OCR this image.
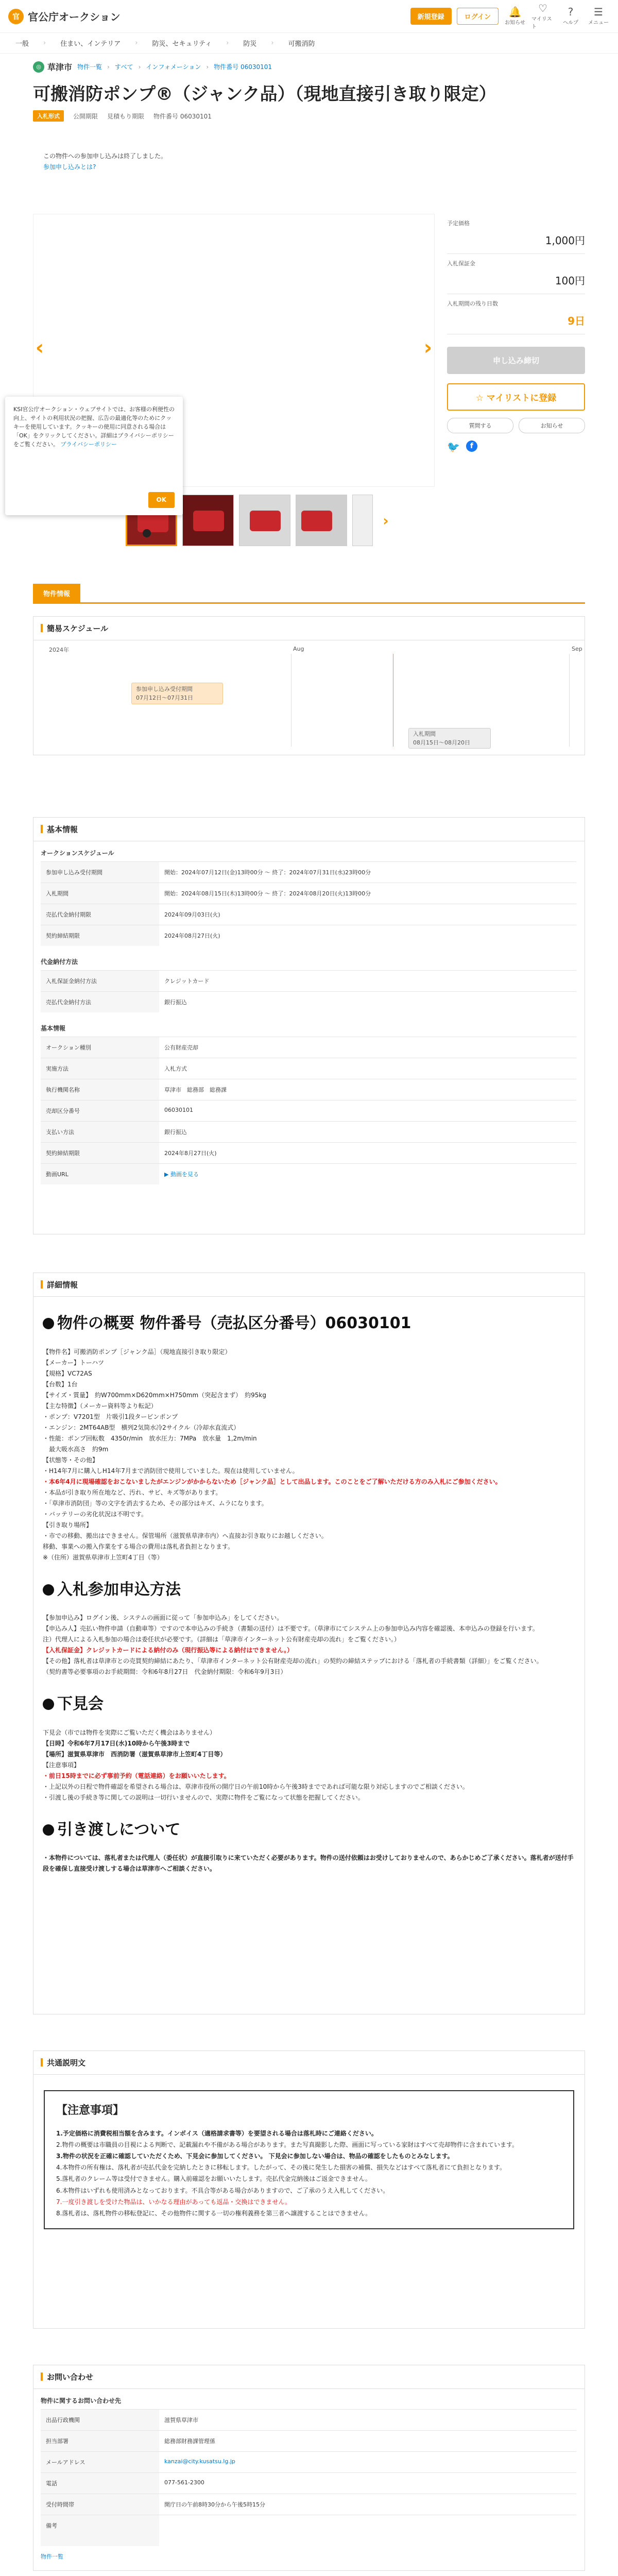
官 官公庁オークション	新規登録	ログイン	🔔
お知らせ
♡
マイリスト
?
ヘルプ
☰
メニュー
一般 › 住まい、インテリア › 防災、セキュリティ › 防災 › 可搬消防
◎ 草津市 物件一覧 › すべて › インフォメーション › 物件番号 06030101
可搬消防ポンプ®（ジャンク品）（現地直接引き取り限定）
入札形式	公開期限 見積もり期限 物件番号 06030101
この物件への参加申し込みは終了しました。
参加申し込みとは?
‹	›
›
KSI官公庁オークション・ウェブサイトでは、お客様の利便性の向上、サイトの利用状況の把握、広告の最適化等のためにクッキーを使用しています。クッキーの使用に同意される場合は「OK」をクリックしてください。詳細はプライバシーポリシーをご覧ください。 プライバシーポリシー
OK
予定価格
1,000円
入札保証金
100円
入札期間の残り日数
9日
申し込み締切
☆ マイリストに登録
質問する	お知らせ
🐦	f
物件情報
簡易スケジュール
2024年	Aug	Sep
参加申し込み受付期間
07月12日～07月31日
入札期間
08月15日～08月20日
基本情報
オークションスケジュール
参加申し込み受付期間	開始：2024年07月12日(金)13時00分 ～ 終了：2024年07月31日(水)23時00分
入札期間	開始：2024年08月15日(木)13時00分 ～ 終了：2024年08月20日(火)13時00分
売払代金納付期限	2024年09月03日(火)
契約締結期限	2024年08月27日(火)
代金納付方法
入札保証金納付方法	クレジットカード
売払代金納付方法	銀行振込
基本情報
オークション種別	公有財産売却
実施方法	入札方式
執行機関名称	草津市　総務部　総務課
売却区分番号	06030101
支払い方法	銀行振込
契約締結期限	2024年8月27日(火)
動画URL	▶ 動画を見る
詳細情報
物件の概要 物件番号（売払区分番号）06030101

【物件名】可搬消防ポンプ［ジャンク品］（現地直接引き取り限定）

【メーカー】トーハツ

【規格】VC72AS

【台数】1台

【サイズ・質量】　約W700mm×D620mm×H750mm（突起含まず）　約95kg

【主な特徴】（メーカー資料等より転記）

・ポンプ：V7201型　片吸引1段タービンポンプ

・エンジン：2MT64AB型　横列2気筒水冷2サイクル（冷却水直流式）

・性能：ポンプ回転数　4350r/min　放水圧力：7MPa　放水量　1,2m/min

　最大吸水高さ　約9m

【状態等・その他】

・H14年7月に購入しH14年7月まで消防団で使用していました。現在は使用していません。

・本6年4月に現場確認をおこないましたがエンジンがかからないため［ジャンク品］として出品します。このことをご了解いただける方のみ入札にご参加ください。

・本品が引き取り所在地など、汚れ、サビ、キズ等があります。

・「草津市消防団」等の文字を消去するため、その部分はキズ、ムラになります。

・バッテリーの劣化状況は不明です。

【引き取り場所】

・市での移動、搬出はできません。保管場所（滋賀県草津市内）へ直接お引き取りにお越しください。

移動、事業への搬入作業をする場合の費用は落札者負担となります。

※（住所）滋賀県草津市上笠町4丁目（等）

入札参加申込方法

【参加申込み】ログイン後、システムの画面に従って「参加申込み」をしてください。

【申込み人】売払い物件申請（自動車等）ですので本申込みの手続き（書類の送付）は不要です。（草津市にてシステム上の参加申込み内容を確認後、本申込みの登録を行います。

注）代理人による入札参加の場合は委任状が必要です。（詳細は「草津市インターネット公有財産売却の流れ」をご覧ください。）

【入札保証金】クレジットカードによる納付のみ（現行振込等による納付はできません。）

【その他】落札者は草津市との売買契約締結にあたり、「草津市インターネット公有財産売却の流れ」の契約の締結ステップにおける「落札者の手続書類（詳細）」をご覧ください。

（契約書等必要事項のお手続期間：令和6年8月27日　代金納付期限：令和6年9月3日）

下見会

下見会（市では物件を実際にご覧いただく機会はありません）

【日時】令和6年7月17日(水)10時から午後3時まで

【場所】滋賀県草津市　西消防署（滋賀県草津市上笠町4丁目等）

【注意事項】

・前日15時までに必ず事前予約（電話連絡）をお願いいたします。

・上記以外の日程で物件確認を希望される場合は、草津市役所の開庁日の午前10時から午後3時までであれば可能な限り対応しますのでご相談ください。

・引渡し後の手続き等に関しての説明は一切行いませんので、実際に物件をご覧になって状態を把握してください。

引き渡しについて

・本物件については、落札者または代理人（委任状）が直接引取りに来ていただく必要があります。物件の送付依頼はお受けしておりませんので、あらかじめご了承ください。落札者が送付手段を確保し直接受け渡しする場合は草津市へご相談ください。

共通説明文
【注意事項】

1.予定価格に消費税相当額を含みます。インボイス（適格請求書等）を要望される場合は落札時にご連絡ください。

2.物件の概要は市職員の目視による判断で、記載漏れや不備がある場合があります。また写真撮影した際、画面に写っている家財はすべて売却物件に含まれています。

3.物件の状況を正確に確認していただくため、下見会に参加してください。 下見会に参加しない場合は、物品の確認をしたものとみなします。

4.本物件の所有権は、落札者が売払代金を完納したときに移転します。したがって、その後に発生した損害の補償、損失などはすべて落札者にて負担となります。

5.落札者のクレーム等は受付できません。購入前確認をお願いいたします。売払代金完納後はご返金できません。

6.本物件はいずれも使用済みとなっております。不具合等がある場合がありますので、ご了承のうえ入札してください。

7.一度引き渡しを受けた物品は、いかなる理由があっても返品・交換はできません。

8.落札者は、落札物件の移転登記に、その他物件に関する一切の権利義務を第三者へ譲渡することはできません。

お問い合わせ
物件に関するお問い合わせ先
出品行政機関	滋賀県草津市
担当部署	総務部財務課管理係
メールアドレス	kanzai@city.kusatsu.lg.jp
電話	077-561-2300
受付時間帯	開庁日の午前8時30分から午後5時15分
備考	
物件一覧
